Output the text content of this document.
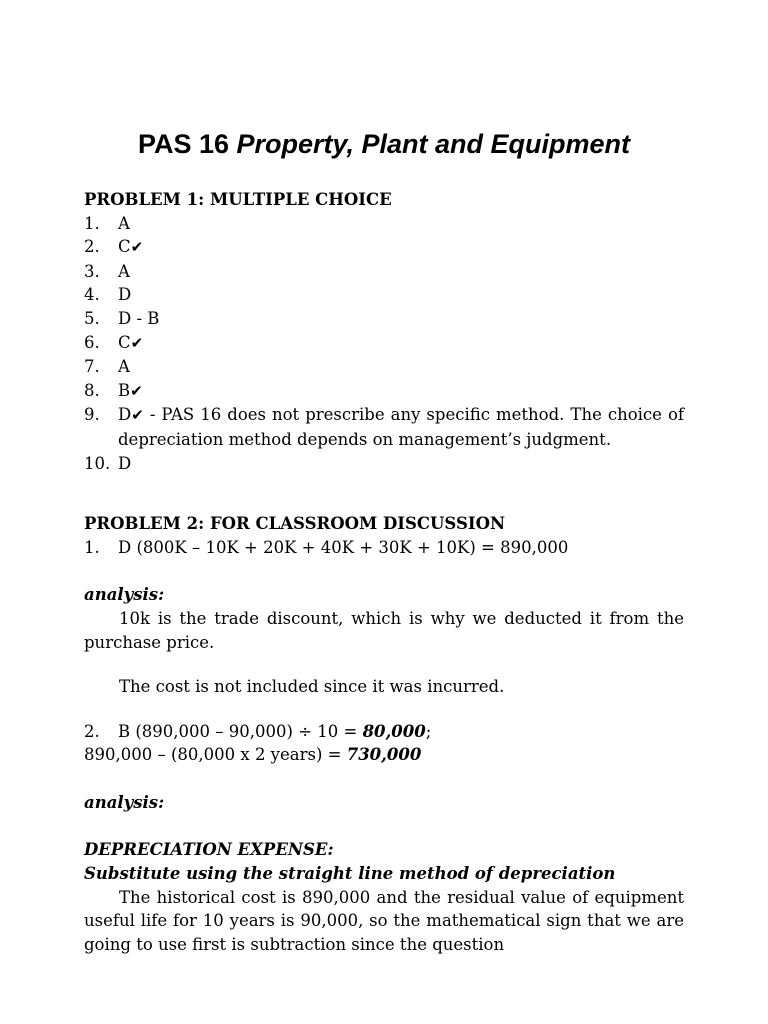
PAS 16 Property, Plant and Equipment
PROBLEM 1: MULTIPLE CHOICE
1. A
2. C✔
3. A
4. D
5. D - B
6. C✔
7. A
8. B✔
9. D✔ - PAS 16 does not prescribe any specific method. The choice of depreciation method depends on management’s judgment.
10. D
PROBLEM 2: FOR CLASSROOM DISCUSSION
1. D (800K – 10K + 20K + 40K + 30K + 10K) = 890,000
analysis:
10k is the trade discount, which is why we deducted it from the purchase price.
The cost is not included since it was incurred.
2. B (890,000 – 90,000) ÷ 10 = 80,000;
890,000 – (80,000 x 2 years) = 730,000
analysis:
DEPRECIATION EXPENSE:
Substitute using the straight line method of depreciation
The historical cost is 890,000 and the residual value of equipment useful life for 10 years is 90,000, so the mathematical sign that we are going to use first is subtraction since the question
